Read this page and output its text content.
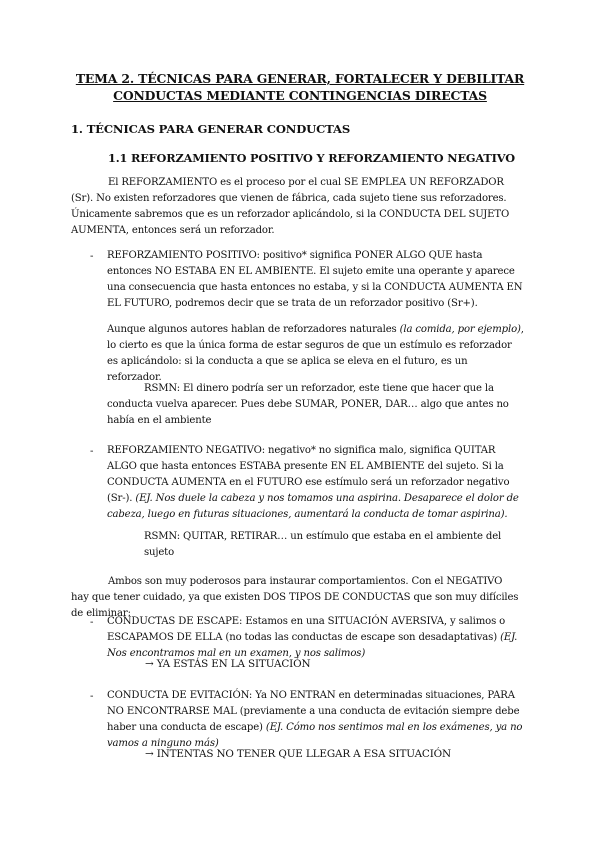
TEMA 2. TÉCNICAS PARA GENERAR, FORTALECER Y DEBILITAR
CONDUCTAS MEDIANTE CONTINGENCIAS DIRECTAS
1. TÉCNICAS PARA GENERAR CONDUCTAS
1.1 REFORZAMIENTO POSITIVO Y REFORZAMIENTO NEGATIVO
El REFORZAMIENTO es el proceso por el cual SE EMPLEA UN REFORZADOR (Sr). No existen reforzadores que vienen de fábrica, cada sujeto tiene sus reforzadores. Únicamente sabremos que es un reforzador aplicándolo, si la CONDUCTA DEL SUJETO AUMENTA, entonces será un reforzador.
- REFORZAMIENTO POSITIVO: positivo* significa PONER ALGO QUE hasta entonces NO ESTABA EN EL AMBIENTE. El sujeto emite una operante y aparece una consecuencia que hasta entonces no estaba, y si la CONDUCTA AUMENTA EN EL FUTURO, podremos decir que se trata de un reforzador positivo (Sr+).
Aunque algunos autores hablan de reforzadores naturales (la comida, por ejemplo), lo cierto es que la única forma de estar seguros de que un estímulo es reforzador es aplicándolo: si la conducta a que se aplica se eleva en el futuro, es un reforzador.
RSMN: El dinero podría ser un reforzador, este tiene que hacer que la conducta vuelva aparecer. Pues debe SUMAR, PONER, DAR… algo que antes no había en el ambiente
- REFORZAMIENTO NEGATIVO: negativo* no significa malo, significa QUITAR ALGO que hasta entonces ESTABA presente EN EL AMBIENTE del sujeto. Si la CONDUCTA AUMENTA en el FUTURO ese estímulo será un reforzador negativo (Sr-). (EJ. Nos duele la cabeza y nos tomamos una aspirina. Desaparece el dolor de cabeza, luego en futuras situaciones, aumentará la conducta de tomar aspirina).
RSMN: QUITAR, RETIRAR… un estímulo que estaba en el ambiente del sujeto
Ambos son muy poderosos para instaurar comportamientos. Con el NEGATIVO hay que tener cuidado, ya que existen DOS TIPOS DE CONDUCTAS que son muy difíciles de eliminar:
- CONDUCTAS DE ESCAPE: Estamos en una SITUACIÓN AVERSIVA, y salimos o ESCAPAMOS DE ELLA (no todas las conductas de escape son desadaptativas) (EJ. Nos encontramos mal en un examen, y nos salimos)
→ YA ESTÁS EN LA SITUACIÓN
- CONDUCTA DE EVITACIÓN: Ya NO ENTRAN en determinadas situaciones, PARA NO ENCONTRARSE MAL (previamente a una conducta de evitación siempre debe haber una conducta de escape) (EJ. Cómo nos sentimos mal en los exámenes, ya no vamos a ninguno más)
→ INTENTAS NO TENER QUE LLEGAR A ESA SITUACIÓN
